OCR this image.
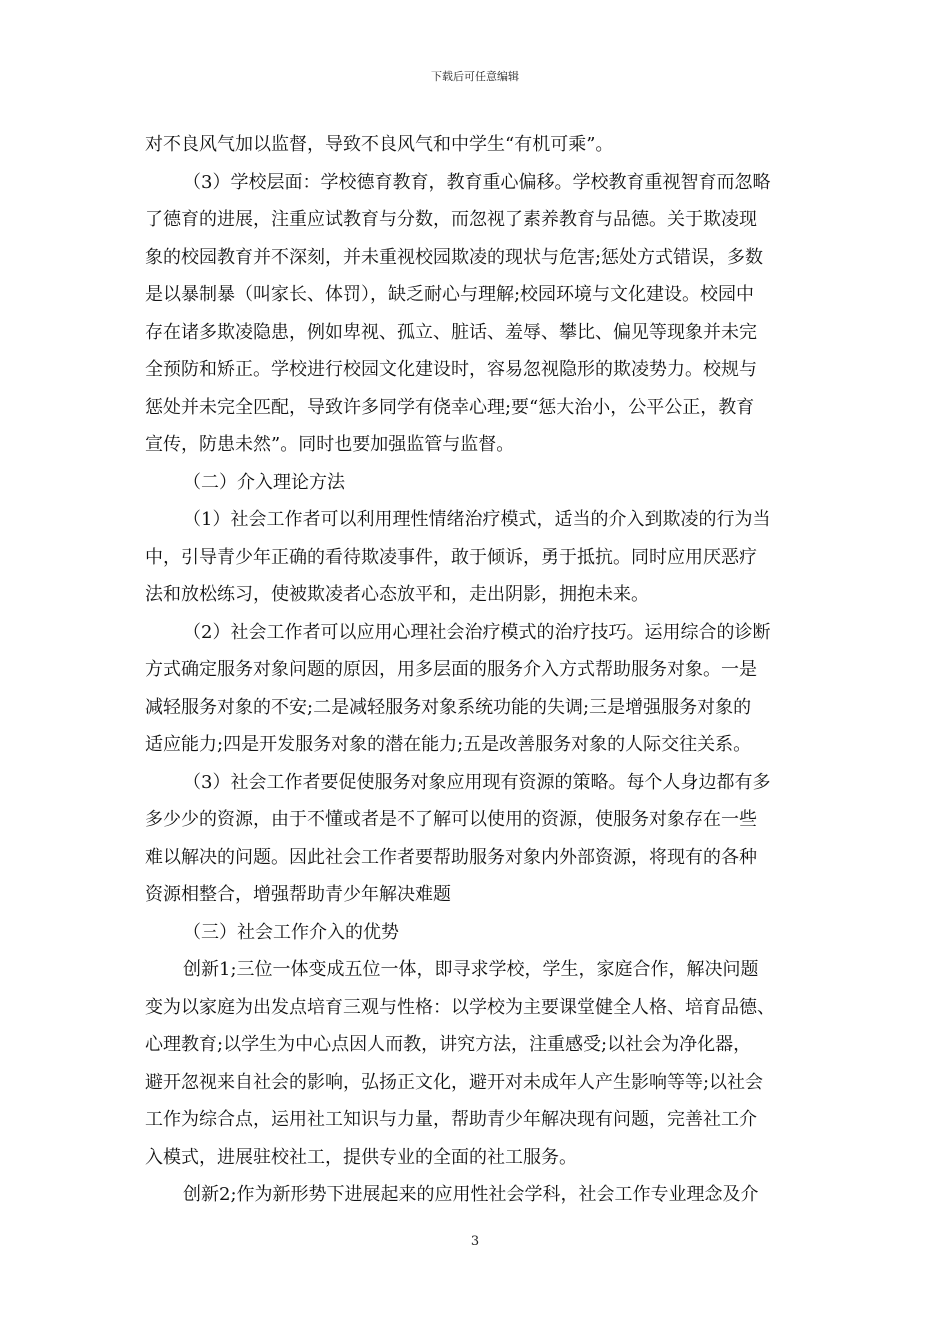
下载后可任意编辑
对不良风气加以监督，导致不良风气和中学生“有机可乘”。
（3）学校层面：学校德育教育，教育重心偏移。学校教育重视智育而忽略
了德育的进展，注重应试教育与分数，而忽视了素养教育与品德。关于欺凌现
象的校园教育并不深刻，并未重视校园欺凌的现状与危害;惩处方式错误，多数
是以暴制暴（叫家长、体罚），缺乏耐心与理解;校园环境与文化建设。校园中
存在诸多欺凌隐患，例如卑视、孤立、脏话、羞辱、攀比、偏见等现象并未完
全预防和矫正。学校进行校园文化建设时，容易忽视隐形的欺凌势力。校规与
惩处并未完全匹配，导致许多同学有侥幸心理;要“惩大治小，公平公正，教育
宣传，防患未然”。同时也要加强监管与监督。
（二）介入理论方法
（1）社会工作者可以利用理性情绪治疗模式，适当的介入到欺凌的行为当
中，引导青少年正确的看待欺凌事件，敢于倾诉，勇于抵抗。同时应用厌恶疗
法和放松练习，使被欺凌者心态放平和，走出阴影，拥抱未来。
（2）社会工作者可以应用心理社会治疗模式的治疗技巧。运用综合的诊断
方式确定服务对象问题的原因，用多层面的服务介入方式帮助服务对象。一是
减轻服务对象的不安;二是减轻服务对象系统功能的失调;三是增强服务对象的
适应能力;四是开发服务对象的潜在能力;五是改善服务对象的人际交往关系。
（3）社会工作者要促使服务对象应用现有资源的策略。每个人身边都有多
多少少的资源，由于不懂或者是不了解可以使用的资源，使服务对象存在一些
难以解决的问题。因此社会工作者要帮助服务对象内外部资源，将现有的各种
资源相整合，增强帮助青少年解决难题
（三）社会工作介入的优势
创新1;三位一体变成五位一体，即寻求学校，学生，家庭合作，解决问题
变为以家庭为出发点培育三观与性格：以学校为主要课堂健全人格、培育品德、
心理教育;以学生为中心点因人而教，讲究方法，注重感受;以社会为净化器，
避开忽视来自社会的影响，弘扬正文化，避开对未成年人产生影响等等;以社会
工作为综合点，运用社工知识与力量，帮助青少年解决现有问题，完善社工介
入模式，进展驻校社工，提供专业的全面的社工服务。
创新2;作为新形势下进展起来的应用性社会学科，社会工作专业理念及介
3
